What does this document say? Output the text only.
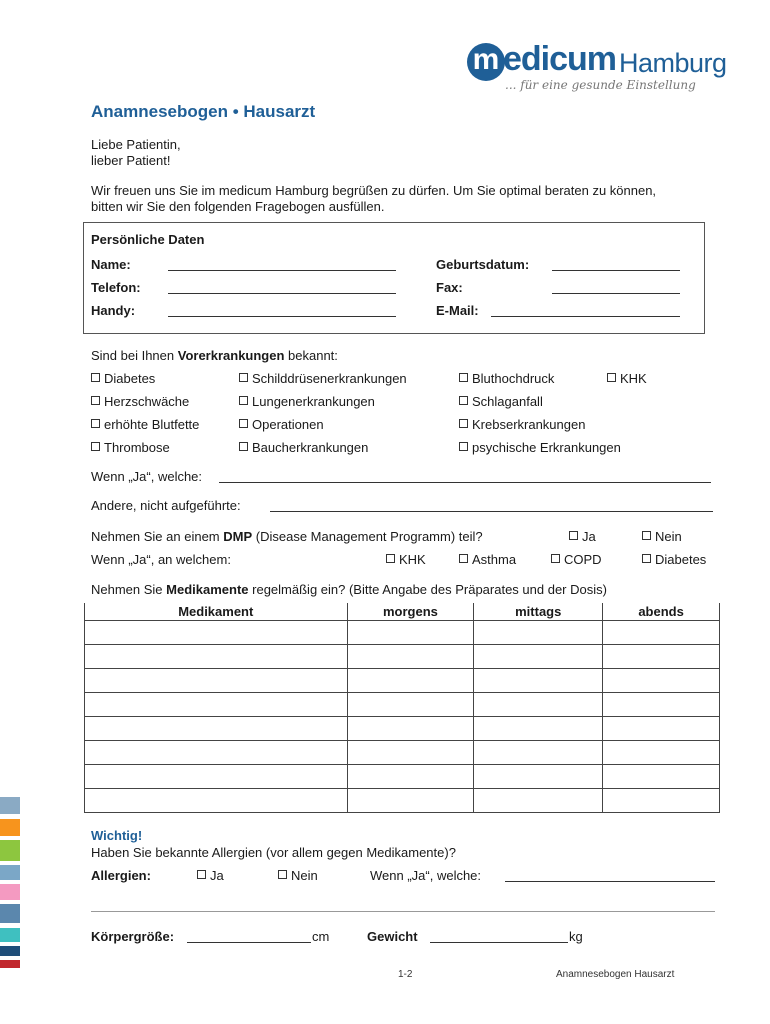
m edicum Hamburg
... für eine gesunde Einstellung
Anamnesebogen • Hausarzt
Liebe Patientin,
lieber Patient!
Wir freuen uns Sie im medicum Hamburg begrüßen zu dürfen. Um Sie optimal beraten zu können,
bitten wir Sie den folgenden Fragebogen ausfüllen.
Persönliche Daten
Name:
Telefon:
Handy:
Geburtsdatum:
Fax:
E-Mail:
Sind bei Ihnen Vorerkrankungen bekannt:
Diabetes	Schilddrüsenerkrankungen	Bluthochdruck	KHK
Herzschwäche	Lungenerkrankungen	Schlaganfall
erhöhte Blutfette	Operationen	Krebserkrankungen
Thrombose	Baucherkrankungen	psychische Erkrankungen
Wenn „Ja“, welche:
Andere, nicht aufgeführte:
Nehmen Sie an einem DMP (Disease Management Programm) teil?	Ja	Nein
Wenn „Ja“, an welchem:	KHK	Asthma	COPD	Diabetes
Nehmen Sie Medikamente regelmäßig ein? (Bitte Angabe des Präparates und der Dosis)
Medikament	morgens	mittags	abends

Wichtig!
Haben Sie bekannte Allergien (vor allem gegen Medikamente)?
Allergien:	Ja	Nein	Wenn „Ja“, welche:
Körpergröße:	cm	Gewicht	kg
1-2	Anamnesebogen Hausarzt
